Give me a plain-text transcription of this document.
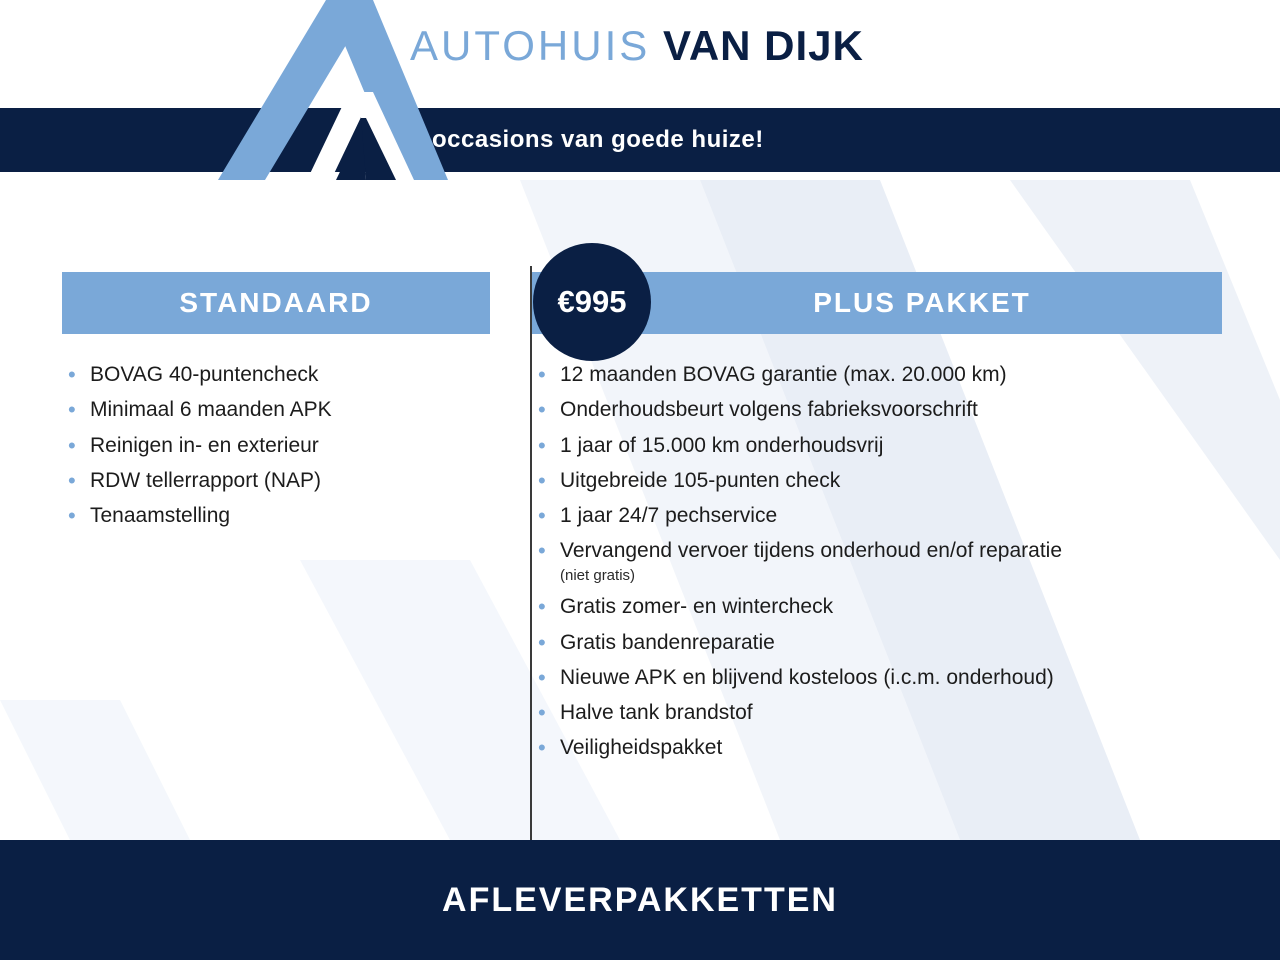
AUTOHUIS VAN DIJK
occasions van goede huize!
STANDAARD
• BOVAG 40-puntencheck
• Minimaal 6 maanden APK
• Reinigen in- en exterieur
• RDW tellerrapport (NAP)
• Tenaamstelling
€995	PLUS PAKKET
• 12 maanden BOVAG garantie (max. 20.000 km)
• Onderhoudsbeurt volgens fabrieksvoorschrift
• 1 jaar of 15.000 km onderhoudsvrij
• Uitgebreide 105-punten check
• 1 jaar 24/7 pechservice
• Vervangend vervoer tijdens onderhoud en/of reparatie
(niet gratis)
• Gratis zomer- en wintercheck
• Gratis bandenreparatie
• Nieuwe APK en blijvend kosteloos (i.c.m. onderhoud)
• Halve tank brandstof
• Veiligheidspakket
AFLEVERPAKKETTEN
